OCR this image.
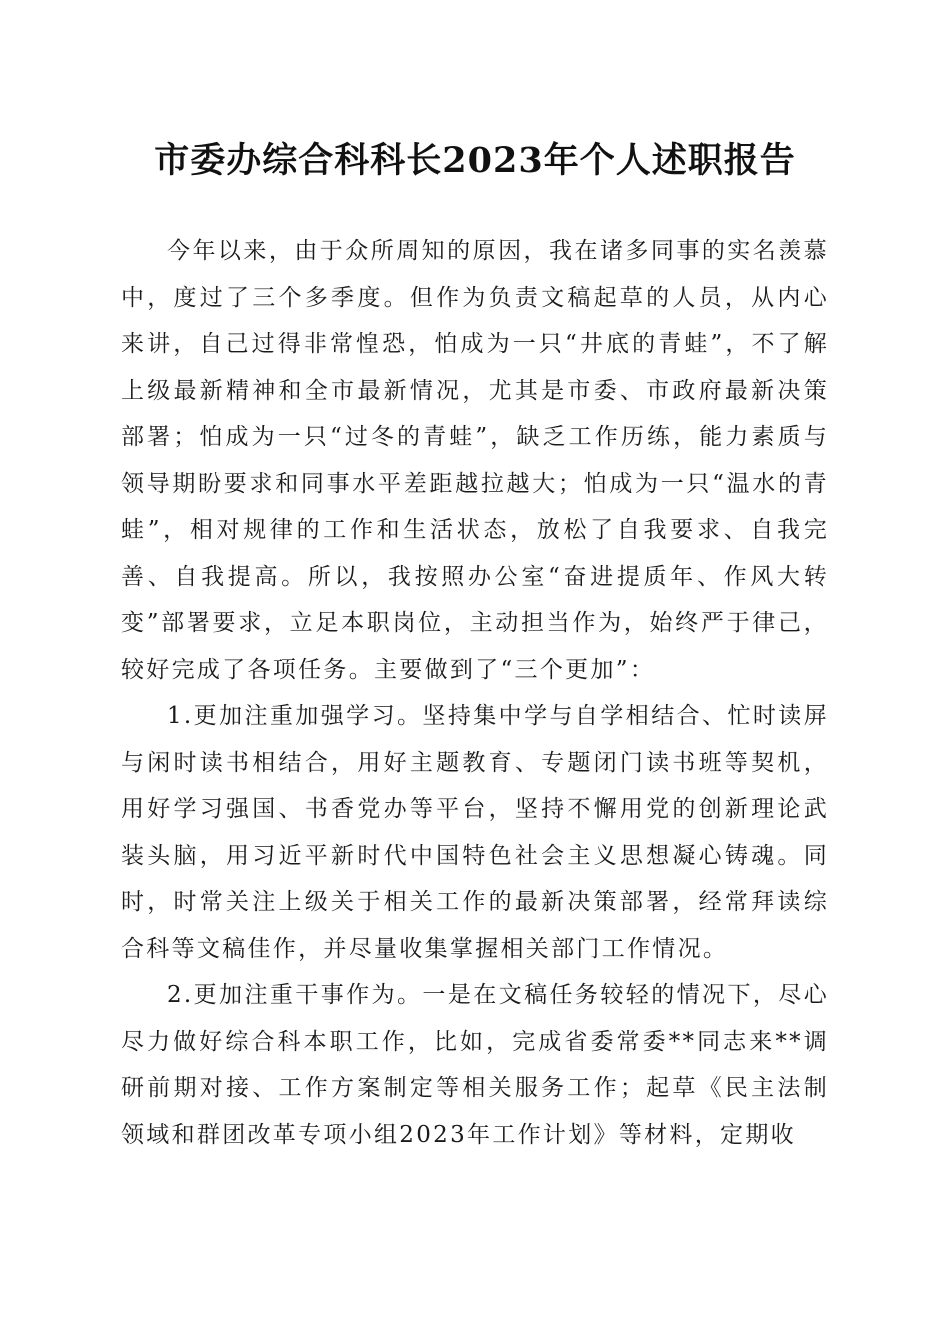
市委办综合科科长2023年个人述职报告

今年以来，由于众所周知的原因，我在诸多同事的实名羡慕中，度过了三个多季度。但作为负责文稿起草的人员，从内心来讲，自己过得非常惶恐，怕成为一只“井底的青蛙”，不了解上级最新精神和全市最新情况，尤其是市委、市政府最新决策部署；怕成为一只“过冬的青蛙”，缺乏工作历练，能力素质与领导期盼要求和同事水平差距越拉越大；怕成为一只“温水的青蛙”，相对规律的工作和生活状态，放松了自我要求、自我完善、自我提高。所以，我按照办公室“奋进提质年、作风大转变”部署要求，立足本职岗位，主动担当作为，始终严于律己，较好完成了各项任务。主要做到了“三个更加”：

1.更加注重加强学习。坚持集中学与自学相结合、忙时读屏与闲时读书相结合，用好主题教育、专题闭门读书班等契机，用好学习强国、书香党办等平台，坚持不懈用党的创新理论武装头脑，用习近平新时代中国特色社会主义思想凝心铸魂。同时，时常关注上级关于相关工作的最新决策部署，经常拜读综合科等文稿佳作，并尽量收集掌握相关部门工作情况。

2.更加注重干事作为。一是在文稿任务较轻的情况下，尽心尽力做好综合科本职工作，比如，完成省委常委**同志来**调研前期对接、工作方案制定等相关服务工作；起草《民主法制领域和群团改革专项小组2023年工作计划》等材料，定期收
